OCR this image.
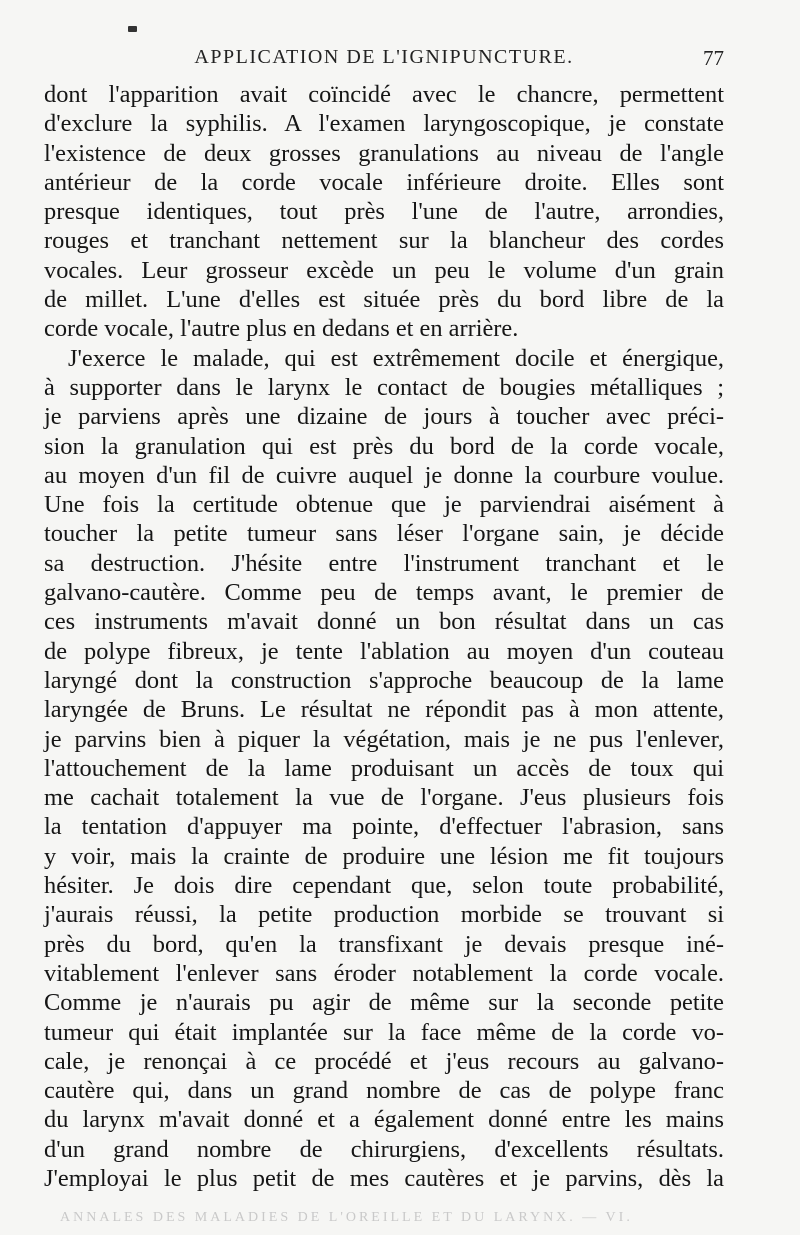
APPLICATION DE L'IGNIPUNCTURE.	77
dont l'apparition avait coïncidé avec le chancre, permettent
d'exclure la syphilis. A l'examen laryngoscopique, je constate
l'existence de deux grosses granulations au niveau de l'angle
antérieur de la corde vocale inférieure droite. Elles sont
presque identiques, tout près l'une de l'autre, arrondies,
rouges et tranchant nettement sur la blancheur des cordes
vocales. Leur grosseur excède un peu le volume d'un grain
de millet. L'une d'elles est située près du bord libre de la
corde vocale, l'autre plus en dedans et en arrière.
J'exerce le malade, qui est extrêmement docile et énergique,
à supporter dans le larynx le contact de bougies métalliques ;
je parviens après une dizaine de jours à toucher avec préci-
sion la granulation qui est près du bord de la corde vocale,
au moyen d'un fil de cuivre auquel je donne la courbure voulue.
Une fois la certitude obtenue que je parviendrai aisément à
toucher la petite tumeur sans léser l'organe sain, je décide
sa destruction. J'hésite entre l'instrument tranchant et le
galvano-cautère. Comme peu de temps avant, le premier de
ces instruments m'avait donné un bon résultat dans un cas
de polype fibreux, je tente l'ablation au moyen d'un couteau
laryngé dont la construction s'approche beaucoup de la lame
laryngée de Bruns. Le résultat ne répondit pas à mon attente,
je parvins bien à piquer la végétation, mais je ne pus l'enlever,
l'attouchement de la lame produisant un accès de toux qui
me cachait totalement la vue de l'organe. J'eus plusieurs fois
la tentation d'appuyer ma pointe, d'effectuer l'abrasion, sans
y voir, mais la crainte de produire une lésion me fit toujours
hésiter. Je dois dire cependant que, selon toute probabilité,
j'aurais réussi, la petite production morbide se trouvant si
près du bord, qu'en la transfixant je devais presque iné-
vitablement l'enlever sans éroder notablement la corde vocale.
Comme je n'aurais pu agir de même sur la seconde petite
tumeur qui était implantée sur la face même de la corde vo-
cale, je renonçai à ce procédé et j'eus recours au galvano-
cautère qui, dans un grand nombre de cas de polype franc
du larynx m'avait donné et a également donné entre les mains
d'un grand nombre de chirurgiens, d'excellents résultats.
J'employai le plus petit de mes cautères et je parvins, dès la
ANNALES DES MALADIES DE L'OREILLE ET DU LARYNX. — VI.
